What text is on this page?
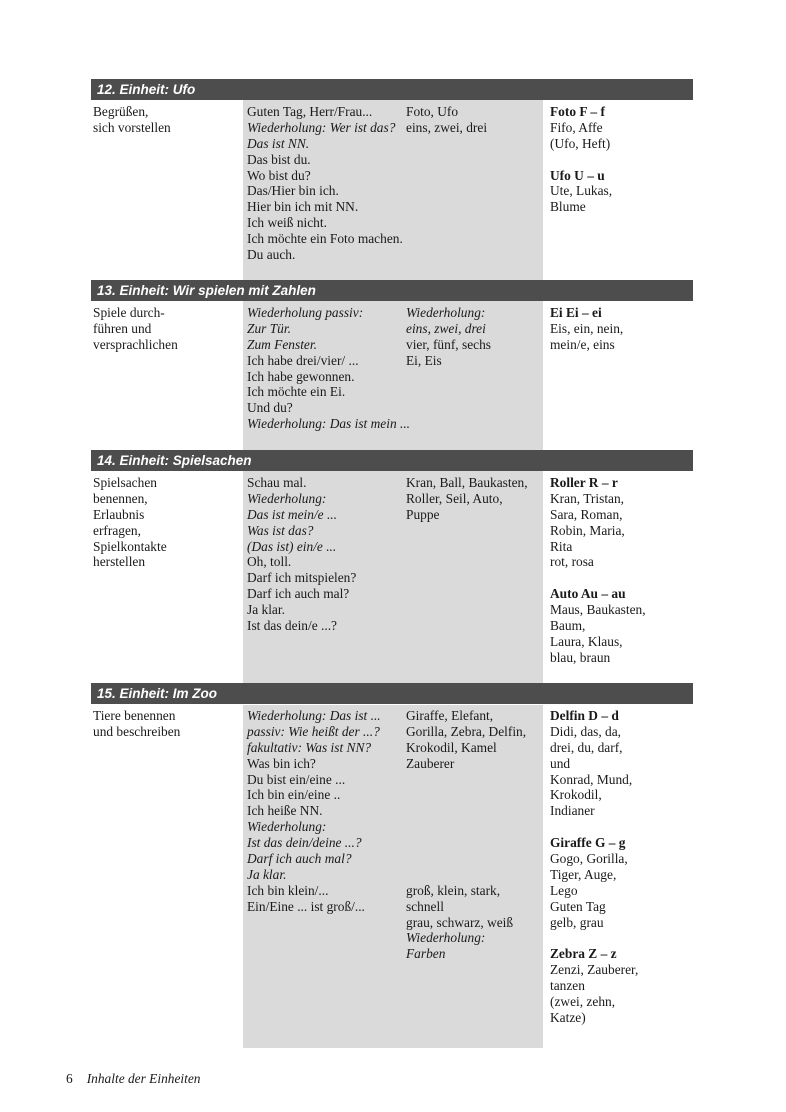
12. Einheit: Ufo
Begrüßen,
sich vorstellen
Guten Tag, Herr/Frau...
Wiederholung: Wer ist das?
Das ist NN.
Das bist du.
Wo bist du?
Das/Hier bin ich.
Hier bin ich mit NN.
Ich weiß nicht.
Ich möchte ein Foto machen.
Du auch.
Foto, Ufo
eins, zwei, drei
Foto F – f
Fifo, Affe
(Ufo, Heft)
Ufo U – u
Ute, Lukas,
Blume
13. Einheit: Wir spielen mit Zahlen
Spiele durch-
führen und
versprachlichen
Wiederholung passiv:
Zur Tür.
Zum Fenster.
Ich habe drei/vier/ ...
Ich habe gewonnen.
Ich möchte ein Ei.
Und du?
Wiederholung: Das ist mein ...
Wiederholung:
eins, zwei, drei
vier, fünf, sechs
Ei, Eis
Ei Ei – ei
Eis, ein, nein,
mein/e, eins
14. Einheit: Spielsachen
Spielsachen
benennen,
Erlaubnis
erfragen,
Spielkontakte
herstellen
Schau mal.
Wiederholung:
Das ist mein/e ...
Was ist das?
(Das ist) ein/e ...
Oh, toll.
Darf ich mitspielen?
Darf ich auch mal?
Ja klar.
Ist das dein/e ...?
Kran, Ball, Baukasten,
Roller, Seil, Auto,
Puppe
Roller R – r
Kran, Tristan,
Sara, Roman,
Robin, Maria,
Rita
rot, rosa
Auto Au – au
Maus, Baukasten,
Baum,
Laura, Klaus,
blau, braun
15. Einheit: Im Zoo
Tiere benennen
und beschreiben
Wiederholung: Das ist ...
passiv: Wie heißt der ...?
fakultativ: Was ist NN?
Was bin ich?
Du bist ein/eine ...
Ich bin ein/eine ..
Ich heiße NN.
Wiederholung:
Ist das dein/deine ...?
Darf ich auch mal?
Ja klar.
Ich bin klein/...
Ein/Eine ... ist groß/...
Giraffe, Elefant,
Gorilla, Zebra, Delfin,
Krokodil, Kamel
Zauberer
groß, klein, stark,
schnell
grau, schwarz, weiß
Wiederholung:
Farben
Delfin D – d
Didi, das, da,
drei, du, darf,
und
Konrad, Mund,
Krokodil,
Indianer
Giraffe G – g
Gogo, Gorilla,
Tiger, Auge,
Lego
Guten Tag
gelb, grau
Zebra Z – z
Zenzi, Zauberer,
tanzen
(zwei, zehn,
Katze)
6 Inhalte der Einheiten
